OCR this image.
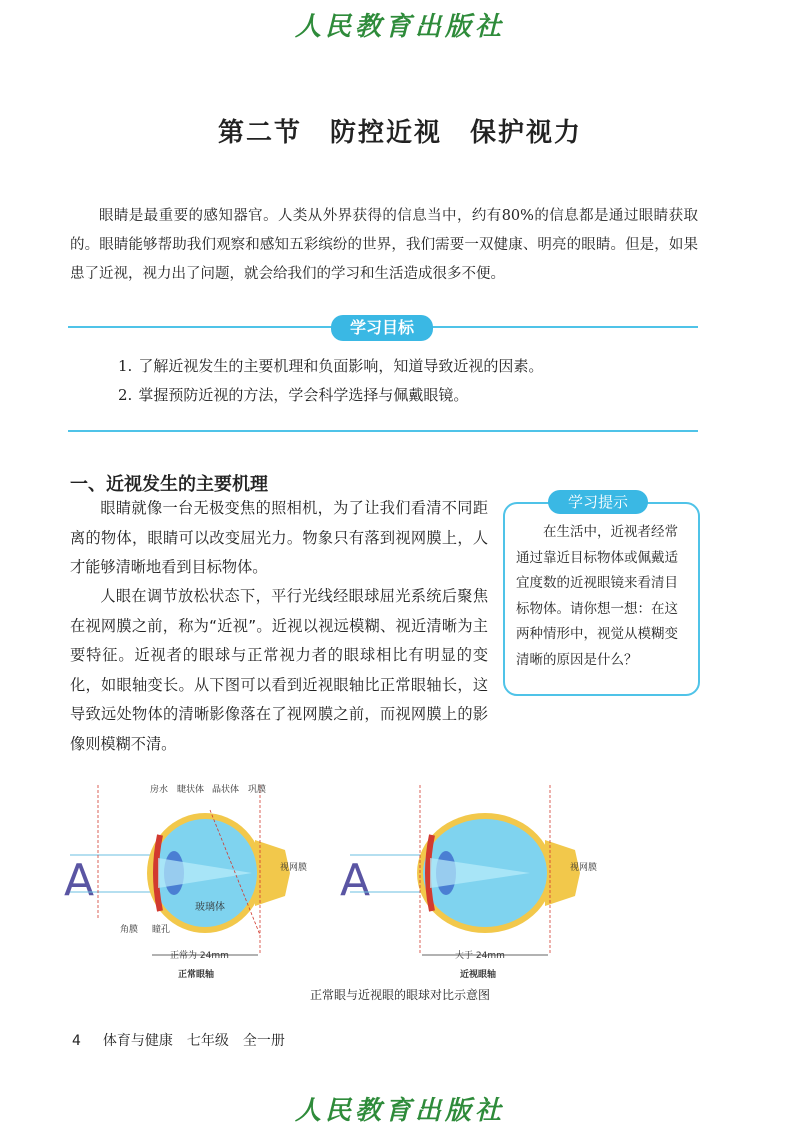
人民教育出版社
第二节 防控近视 保护视力
眼睛是最重要的感知器官。人类从外界获得的信息当中，约有80%的信息都是通过眼睛获取的。眼睛能够帮助我们观察和感知五彩缤纷的世界，我们需要一双健康、明亮的眼睛。但是，如果患了近视，视力出了问题，就会给我们的学习和生活造成很多不便。
学习目标
1. 了解近视发生的主要机理和负面影响，知道导致近视的因素。
2. 掌握预防近视的方法，学会科学选择与佩戴眼镜。
一、近视发生的主要机理
眼睛就像一台无极变焦的照相机，为了让我们看清不同距离的物体，眼睛可以改变屈光力。物象只有落到视网膜上，人才能够清晰地看到目标物体。
人眼在调节放松状态下，平行光线经眼球屈光系统后聚焦在视网膜之前，称为“近视”。近视以视远模糊、视近清晰为主要特征。近视者的眼球与正常视力者的眼球相比有明显的变化，如眼轴变长。从下图可以看到近视眼轴比正常眼轴长，这导致远处物体的清晰影像落在了视网膜之前，而视网膜上的影像则模糊不清。
学习提示
在生活中，近视者经常通过靠近目标物体或佩戴适宜度数的近视眼镜来看清目标物体。请你想一想：在这两种情形中，视觉从模糊变清晰的原因是什么？
A
房水 睫状体 晶状体 巩膜
视网膜
玻璃体
角膜 瞳孔
正常为 24mm
正常眼轴
A	视网膜
大于 24mm
近视眼轴
正常眼与近视眼的眼球对比示意图
4 体育与健康 七年级 全一册
人民教育出版社
